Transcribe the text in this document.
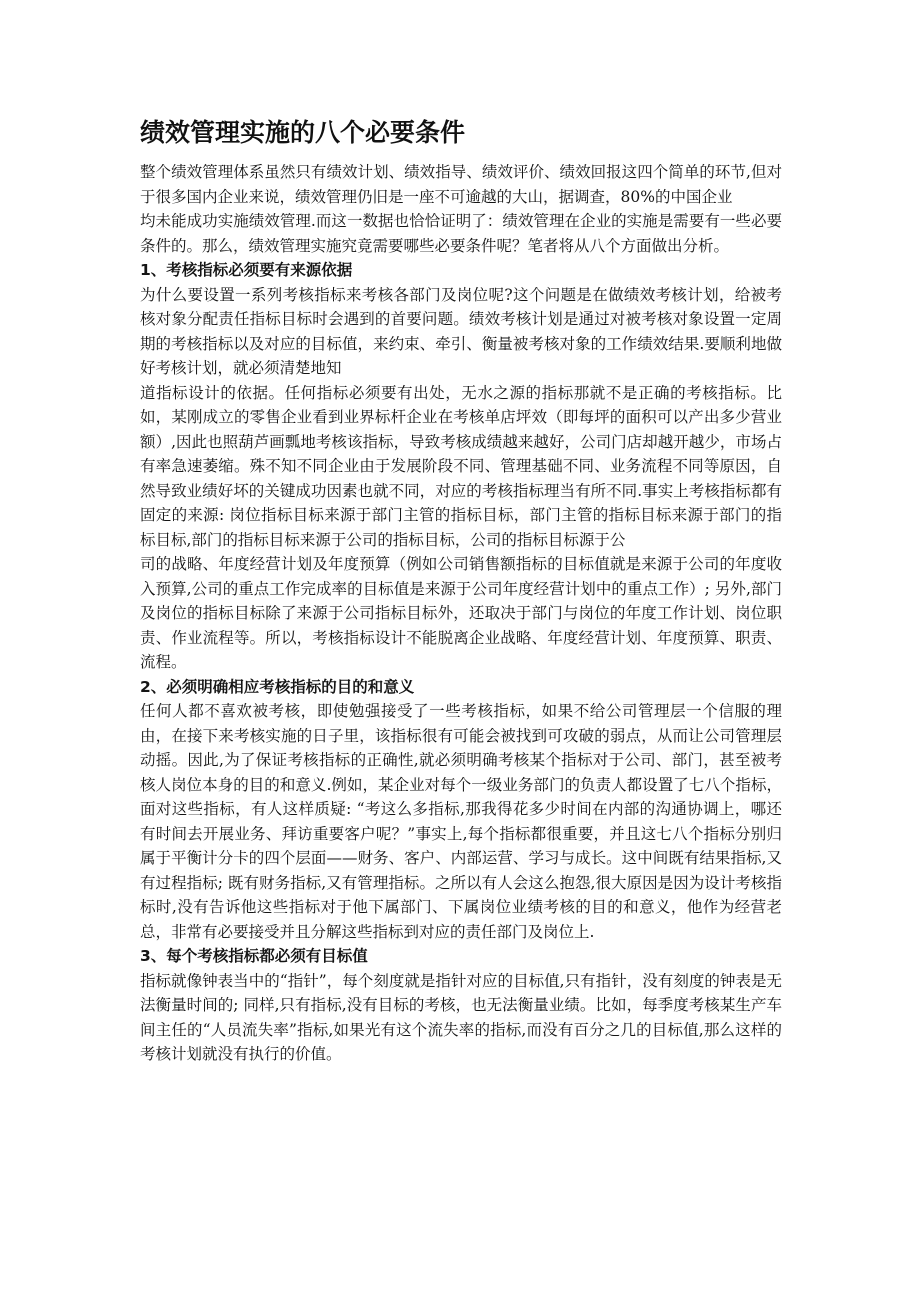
绩效管理实施的八个必要条件

整个绩效管理体系虽然只有绩效计划、绩效指导、绩效评价、绩效回报这四个简单的环节,但对于很多国内企业来说，绩效管理仍旧是一座不可逾越的大山，据调查，80%的中国企业

均未能成功实施绩效管理.而这一数据也恰恰证明了：绩效管理在企业的实施是需要有一些必要条件的。那么，绩效管理实施究竟需要哪些必要条件呢？笔者将从八个方面做出分析。

1、考核指标必须要有来源依据

为什么要设置一系列考核指标来考核各部门及岗位呢?这个问题是在做绩效考核计划，给被考核对象分配责任指标目标时会遇到的首要问题。绩效考核计划是通过对被考核对象设置一定周期的考核指标以及对应的目标值，来约束、牵引、衡量被考核对象的工作绩效结果.要顺利地做好考核计划，就必须清楚地知

道指标设计的依据。任何指标必须要有出处，无水之源的指标那就不是正确的考核指标。比如，某刚成立的零售企业看到业界标杆企业在考核单店坪效（即每坪的面积可以产出多少营业额）,因此也照葫芦画瓢地考核该指标，导致考核成绩越来越好，公司门店却越开越少，市场占有率急速萎缩。殊不知不同企业由于发展阶段不同、管理基础不同、业务流程不同等原因，自然导致业绩好坏的关键成功因素也就不同，对应的考核指标理当有所不同.事实上考核指标都有固定的来源: 岗位指标目标来源于部门主管的指标目标，部门主管的指标目标来源于部门的指标目标,部门的指标目标来源于公司的指标目标，公司的指标目标源于公

司的战略、年度经营计划及年度预算（例如公司销售额指标的目标值就是来源于公司的年度收入预算,公司的重点工作完成率的目标值是来源于公司年度经营计划中的重点工作）; 另外,部门及岗位的指标目标除了来源于公司指标目标外，还取决于部门与岗位的年度工作计划、岗位职责、作业流程等。所以，考核指标设计不能脱离企业战略、年度经营计划、年度预算、职责、流程。

2、必须明确相应考核指标的目的和意义

任何人都不喜欢被考核，即使勉强接受了一些考核指标，如果不给公司管理层一个信服的理由，在接下来考核实施的日子里，该指标很有可能会被找到可攻破的弱点，从而让公司管理层动摇。因此,为了保证考核指标的正确性,就必须明确考核某个指标对于公司、部门，甚至被考核人岗位本身的目的和意义.例如，某企业对每个一级业务部门的负责人都设置了七八个指标，面对这些指标，有人这样质疑: “考这么多指标,那我得花多少时间在内部的沟通协调上，哪还有时间去开展业务、拜访重要客户呢？”事实上,每个指标都很重要，并且这七八个指标分别归属于平衡计分卡的四个层面——财务、客户、内部运营、学习与成长。这中间既有结果指标,又有过程指标; 既有财务指标,又有管理指标。之所以有人会这么抱怨,很大原因是因为设计考核指标时,没有告诉他这些指标对于他下属部门、下属岗位业绩考核的目的和意义，他作为经营老总，非常有必要接受并且分解这些指标到对应的责任部门及岗位上.

3、每个考核指标都必须有目标值

指标就像钟表当中的“指针”，每个刻度就是指针对应的目标值,只有指针，没有刻度的钟表是无法衡量时间的; 同样,只有指标,没有目标的考核，也无法衡量业绩。比如，每季度考核某生产车间主任的“人员流失率”指标,如果光有这个流失率的指标,而没有百分之几的目标值,那么这样的考核计划就没有执行的价值。
